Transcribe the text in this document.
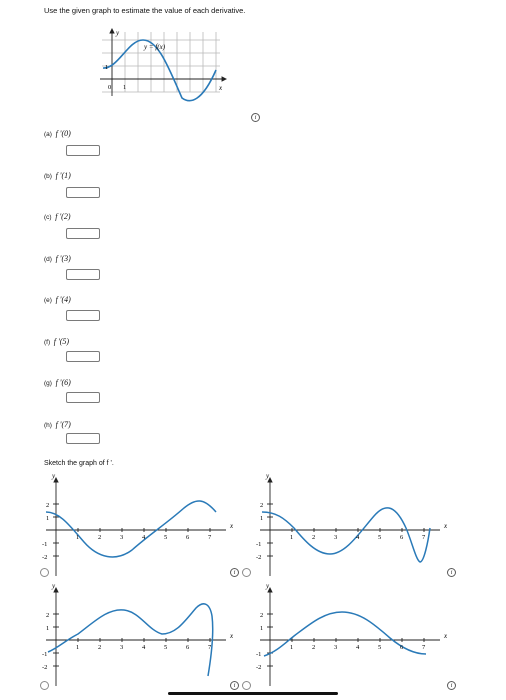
Use the given graph to estimate the value of each derivative.
y
y = f(x)
1
0 1	x
i
(a) f '(0)
(b) f '(1)
(c) f '(2)
(d) f '(3)
(e) f '(4)
(f) f '(5)
(g) f '(6)
(h) f '(7)
Sketch the graph of f '.
y
2
1
-1
-2
1	2	3	4	5	6	7
x
y
2
1
-1
-2
1	2	3	4	5	6	7
x
y
2
1
-1
-2
1	2	3	4	5	6	7
x
y
2
1
-1
-2
1	2	3	4	5	6	7
x
i	i
i	i
